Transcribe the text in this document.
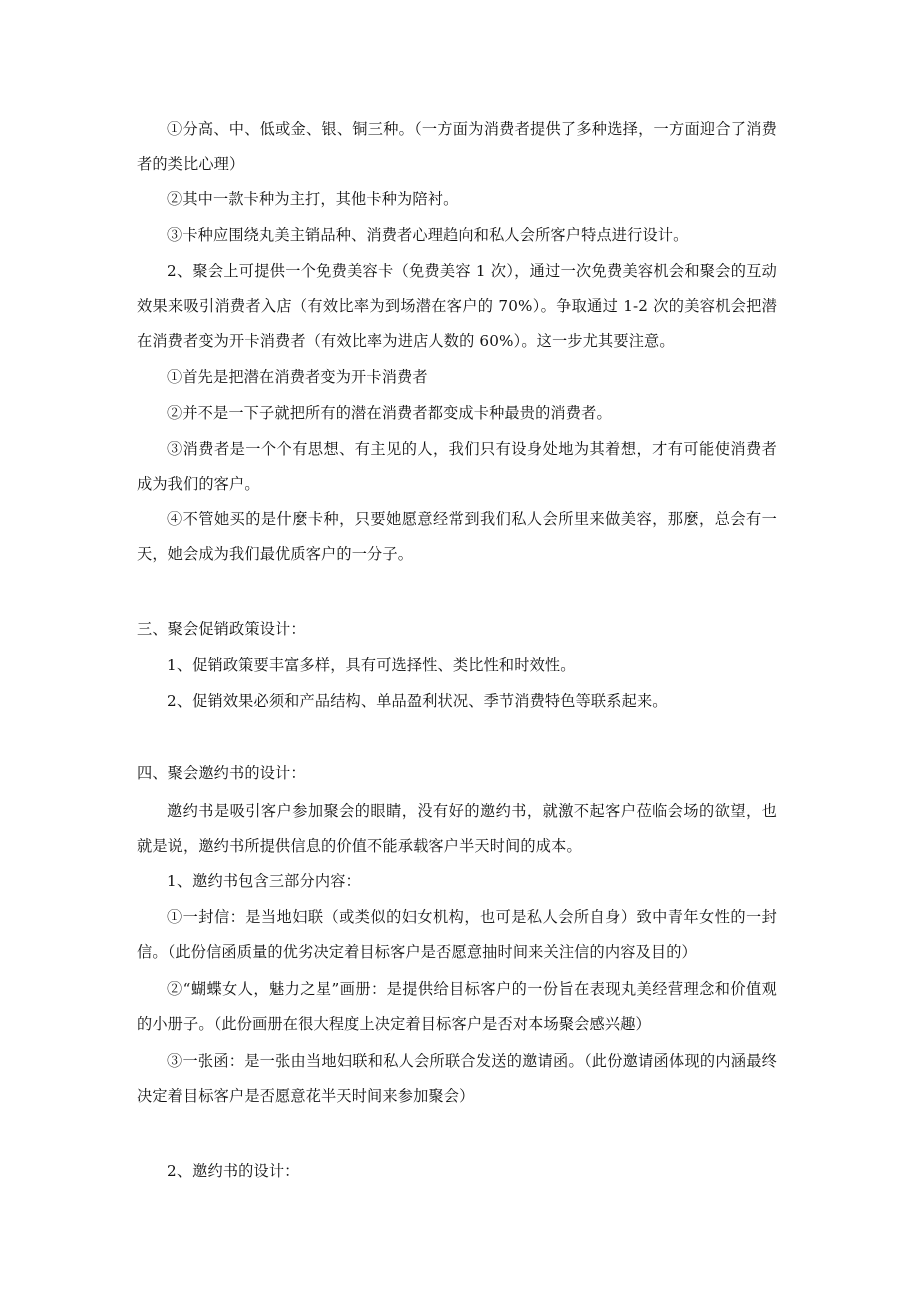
①分高、中、低或金、银、铜三种。（一方面为消费者提供了多种选择，一方面迎合了消费者的类比心理）

②其中一款卡种为主打，其他卡种为陪衬。

③卡种应围绕丸美主销品种、消费者心理趋向和私人会所客户特点进行设计。

2、聚会上可提供一个免费美容卡（免费美容 1 次），通过一次免费美容机会和聚会的互动效果来吸引消费者入店（有效比率为到场潜在客户的 70%）。争取通过 1-2 次的美容机会把潜在消费者变为开卡消费者（有效比率为进店人数的 60%）。这一步尤其要注意。

①首先是把潜在消费者变为开卡消费者

②并不是一下子就把所有的潜在消费者都变成卡种最贵的消费者。

③消费者是一个个有思想、有主见的人，我们只有设身处地为其着想，才有可能使消费者成为我们的客户。

④不管她买的是什麼卡种，只要她愿意经常到我们私人会所里来做美容，那麼，总会有一天，她会成为我们最优质客户的一分子。

三、聚会促销政策设计：

1、促销政策要丰富多样，具有可选择性、类比性和时效性。

2、促销效果必须和产品结构、单品盈利状况、季节消费特色等联系起来。

四、聚会邀约书的设计：

邀约书是吸引客户参加聚会的眼睛，没有好的邀约书，就激不起客户莅临会场的欲望，也就是说，邀约书所提供信息的价值不能承载客户半天时间的成本。

1、邀约书包含三部分内容：

①一封信：是当地妇联（或类似的妇女机构，也可是私人会所自身）致中青年女性的一封信。（此份信函质量的优劣决定着目标客户是否愿意抽时间来关注信的内容及目的）

②“蝴蝶女人，魅力之星”画册：是提供给目标客户的一份旨在表现丸美经营理念和价值观的小册子。（此份画册在很大程度上决定着目标客户是否对本场聚会感兴趣）

③一张函：是一张由当地妇联和私人会所联合发送的邀请函。（此份邀请函体现的内涵最终决定着目标客户是否愿意花半天时间来参加聚会）

2、邀约书的设计：
